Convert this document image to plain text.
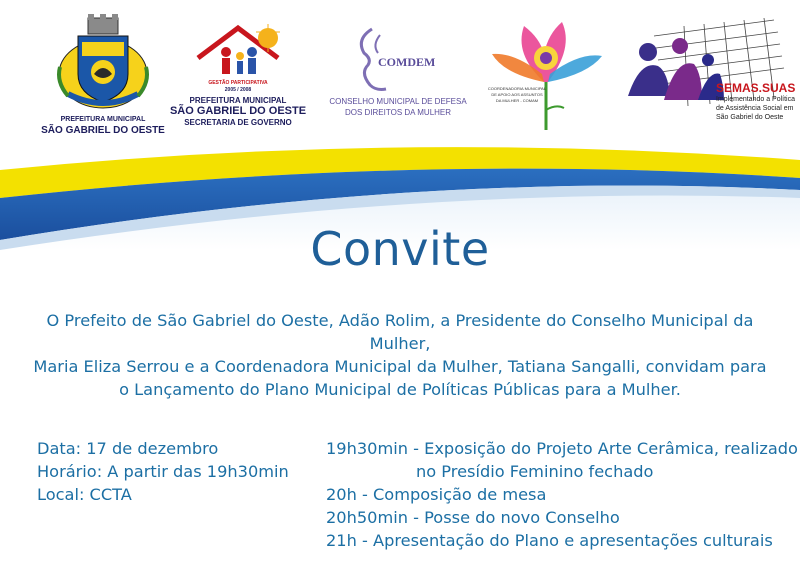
PREFEITURA MUNICIPAL
SÃO GABRIEL DO OESTE
GESTÃO PARTICIPATIVA
2005 / 2008
PREFEITURA MUNICIPAL
SÃO GABRIEL DO OESTE
SECRETARIA DE GOVERNO
COMDEM
CONSELHO MUNICIPAL DE DEFESA
DOS DIREITOS DA MULHER
COORDENADORIA MUNICIPAL
DE APOIO AOS ASSUNTOS
DA MULHER - COMAM
SEMAS.SUAS
Implementando a Política
de Assistência Social em
São Gabriel do Oeste
Convite
O Prefeito de São Gabriel do Oeste, Adão Rolim, a Presidente do Conselho Municipal da Mulher,
Maria Eliza Serrou e a Coordenadora Municipal da Mulher, Tatiana Sangalli, convidam para
o Lançamento do Plano Municipal de Políticas Públicas para a Mulher.
Data: 17 de dezembro
Horário: A partir das 19h30min
Local: CCTA
19h30min - Exposição do Projeto Arte Cerâmica, realizado
no Presídio Feminino fechado
20h - Composição de mesa
20h50min - Posse do novo Conselho
21h - Apresentação do Plano e apresentações culturais
